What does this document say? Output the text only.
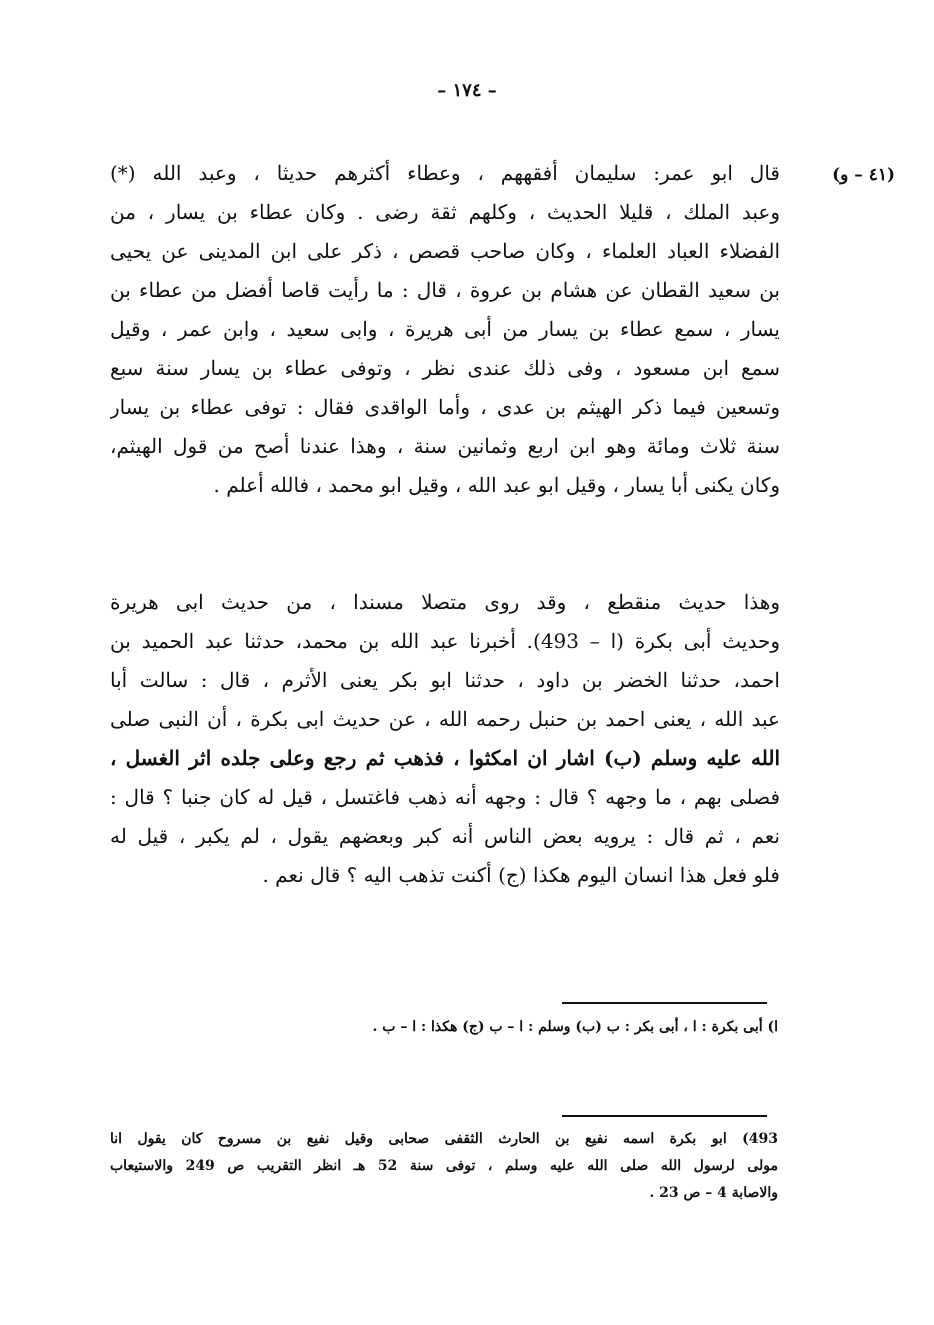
– ١٧٤ –
(٤١ – و)
قال ابو عمر: سليمان أفقههم ، وعطاء أكثرهم حديثا ، وعبد الله (*)
وعبد الملك ، قليلا الحديث ، وكلهم ثقة رضى . وكان عطاء بن يسار ، من
الفضلاء العباد العلماء ، وكان صاحب قصص ، ذكر على ابن المدينى عن يحيى
بن سعيد القطان عن هشام بن عروة ، قال : ما رأيت قاصا أفضل من عطاء بن
يسار ، سمع عطاء بن يسار من أبى هريرة ، وابى سعيد ، وابن عمر ، وقيل
سمع ابن مسعود ، وفى ذلك عندى نظر ، وتوفى عطاء بن يسار سنة سبع
وتسعين فيما ذكر الهيثم بن عدى ، وأما الواقدى فقال : توفى عطاء بن يسار
سنة ثلاث ومائة وهو ابن اربع وثمانين سنة ، وهذا عندنا أصح من قول الهيثم،
وكان يكنى أبا يسار ، وقيل ابو عبد الله ، وقيل ابو محمد ، فالله أعلم .
وهذا حديث منقطع ، وقد روى متصلا مسندا ، من حديث ابى هريرة
وحديث أبى بكرة (ا – 493). أخبرنا عبد الله بن محمد، حدثنا عبد الحميد بن
احمد، حدثنا الخضر بن داود ، حدثنا ابو بكر يعنى الأثرم ، قال : سالت أبا
عبد الله ، يعنى احمد بن حنبل رحمه الله ، عن حديث ابى بكرة ، أن النبى صلى
الله عليه وسلم (ب) اشار ان امكثوا ، فذهب ثم رجع وعلى جلده اثر الغسل ،
فصلى بهم ، ما وجهه ؟ قال : وجهه أنه ذهب فاغتسل ، قيل له كان جنبا ؟ قال :
نعم ، ثم قال : يرويه بعض الناس أنه كبر وبعضهم يقول ، لم يكبر ، قيل له
فلو فعل هذا انسان اليوم هكذا (ج) أكنت تذهب اليه ؟ قال نعم .
ا) أبى بكرة : ا ، أبى بكر : ب (ب) وسلم : ا – ب (ج) هكذا : ا – ب .
493) ابو بكرة اسمه نفيع بن الحارث الثقفى صحابى وقيل نفيع بن مسروح كان يقول انا
مولى لرسول الله صلى الله عليه وسلم ، توفى سنة 52 هـ انظر التقريب ص 249 والاستيعاب
والاصابة 4 – ص 23 .
